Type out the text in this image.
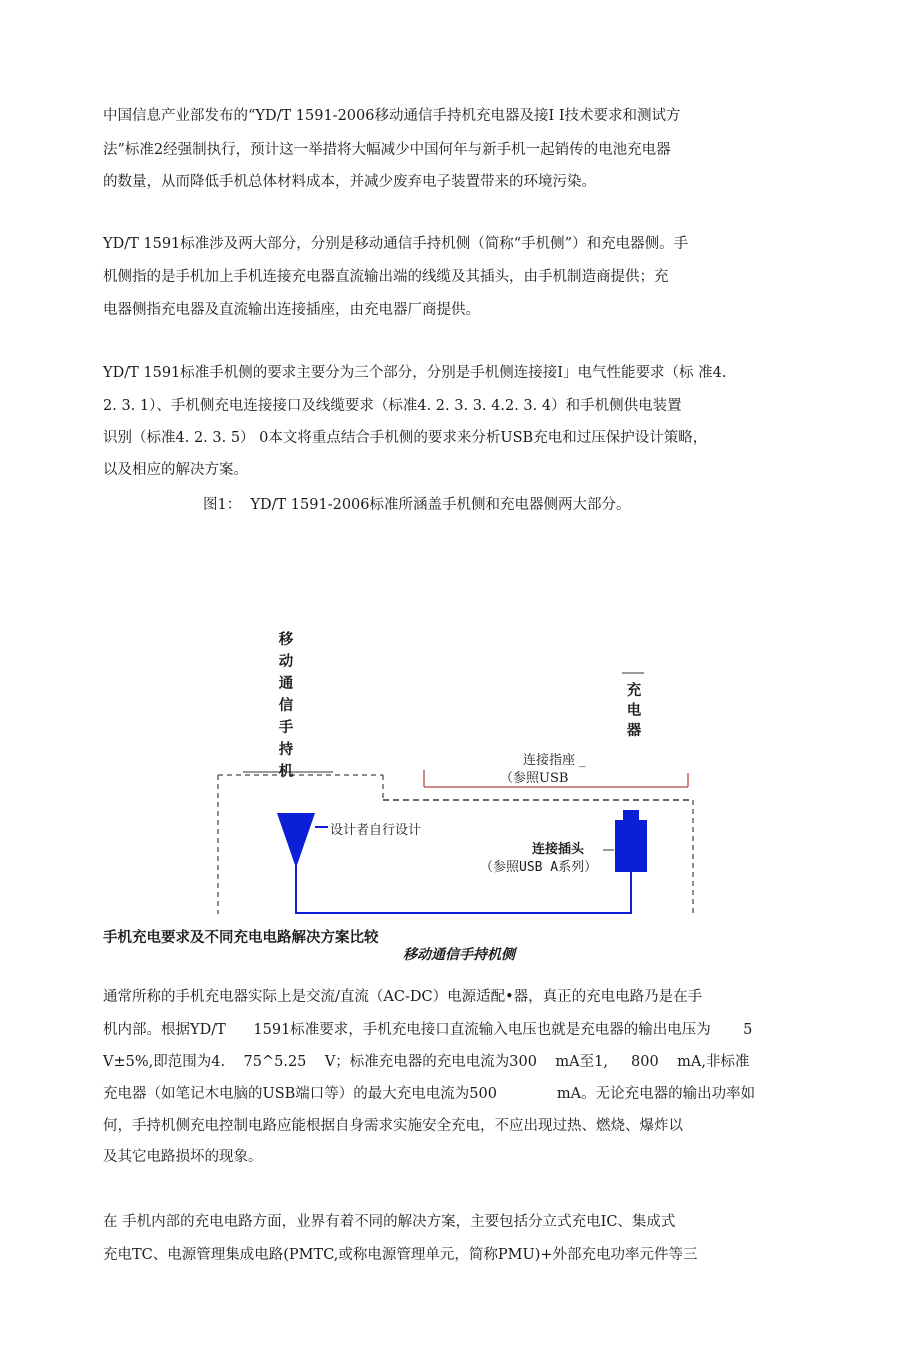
中国信息产业部发布的“YD/T 1591-2006移动通信手持机充电器及接I I技术要求和测试方
法”标准2经强制执行，预计这一举措将大幅减少中国何年与新手机一起销传的电池充电器
的数量，从而降低手机总体材料成本，并减少废弃电子装置带来的环境污染。
YD/T 1591标准涉及两大部分，分别是移动通信手持机侧（简称“手机侧”）和充电器侧。手
机侧指的是手机加上手机连接充电器直流输出端的线缆及其插头，由手机制造商提供；充
电器侧指充电器及直流输出连接插座，由充电器厂商提供。
YD/T 1591标准手机侧的要求主要分为三个部分，分别是手机侧连接接I」电气性能要求（标 准4.
2. 3. 1）、手机侧充电连接接口及线缆要求（标准4. 2. 3. 3. 4.2. 3. 4）和手机侧供电装置
识别（标准4. 2. 3. 5） 0本文将重点结合手机侧的要求来分析USB充电和过压保护设计策略，
以及相应的解决方案。
图1：  YD/T 1591-2006标准所涵盖手机侧和充电器侧两大部分。
移
动
通
信
手
持
机
充
电
器
连接指座 _
（参照USB
设计者自行设计
连接插头
（参照USB A系列）
手机充电要求及不同充电电路解决方案比较
移动通信手持机侧
通常所称的手机充电器实际上是交流/直流（AC-DC）电源适配•器，真正的充电电路乃是在手
机内部。根据YD/T      1591标准要求，手机充电接口直流输入电压也就是充电器的输出电压为       5
V±5%,即范围为4.    75^5.25    V；标准充电器的充电电流为300    mA至1,     800    mA,非标准
充电器（如笔记木电脑的USB端口等）的最大充电电流为500             mA。无论充电器的输出功率如
何，手持机侧充电控制电路应能根据自身需求实施安全充电，不应出现过热、燃烧、爆炸以
及其它电路损坏的现象。
在 手机内部的充电电路方面，业界有着不同的解决方案，主要包括分立式充电IC、集成式
充电TC、电源管理集成电路(PMTC,或称电源管理单元，简称PMU)+外部充电功率元件等三
